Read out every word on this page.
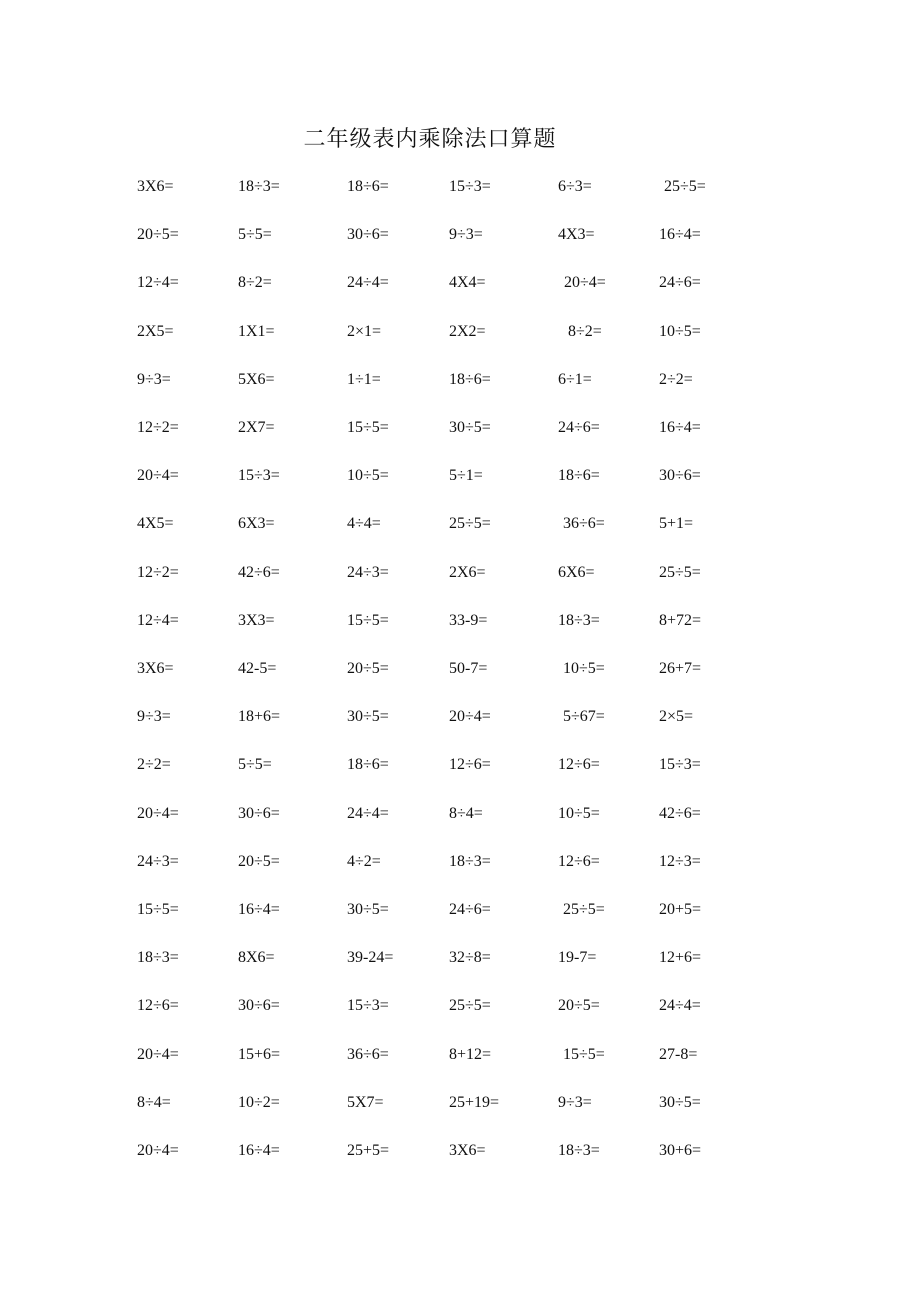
二年级表内乘除法口算题
3X6=	18÷3=	18÷6=	15÷3=	6÷3=	25÷5=
20÷5=	5÷5=	30÷6=	9÷3=	4X3=	16÷4=
12÷4=	8÷2=	24÷4=	4X4=	20÷4=	24÷6=
2X5=	1X1=	2×1=	2X2=	8÷2=	10÷5=
9÷3=	5X6=	1÷1=	18÷6=	6÷1=	2÷2=
12÷2=	2X7=	15÷5=	30÷5=	24÷6=	16÷4=
20÷4=	15÷3=	10÷5=	5÷1=	18÷6=	30÷6=
4X5=	6X3=	4÷4=	25÷5=	36÷6=	5+1=
12÷2=	42÷6=	24÷3=	2X6=	6X6=	25÷5=
12÷4=	3X3=	15÷5=	33-9=	18÷3=	8+72=
3X6=	42-5=	20÷5=	50-7=	10÷5=	26+7=
9÷3=	18+6=	30÷5=	20÷4=	5÷67=	2×5=
2÷2=	5÷5=	18÷6=	12÷6=	12÷6=	15÷3=
20÷4=	30÷6=	24÷4=	8÷4=	10÷5=	42÷6=
24÷3=	20÷5=	4÷2=	18÷3=	12÷6=	12÷3=
15÷5=	16÷4=	30÷5=	24÷6=	25÷5=	20+5=
18÷3=	8X6=	39-24=	32÷8=	19-7=	12+6=
12÷6=	30÷6=	15÷3=	25÷5=	20÷5=	24÷4=
20÷4=	15+6=	36÷6=	8+12=	15÷5=	27-8=
8÷4=	10÷2=	5X7=	25+19=	9÷3=	30÷5=
20÷4=	16÷4=	25+5=	3X6=	18÷3=	30+6=
